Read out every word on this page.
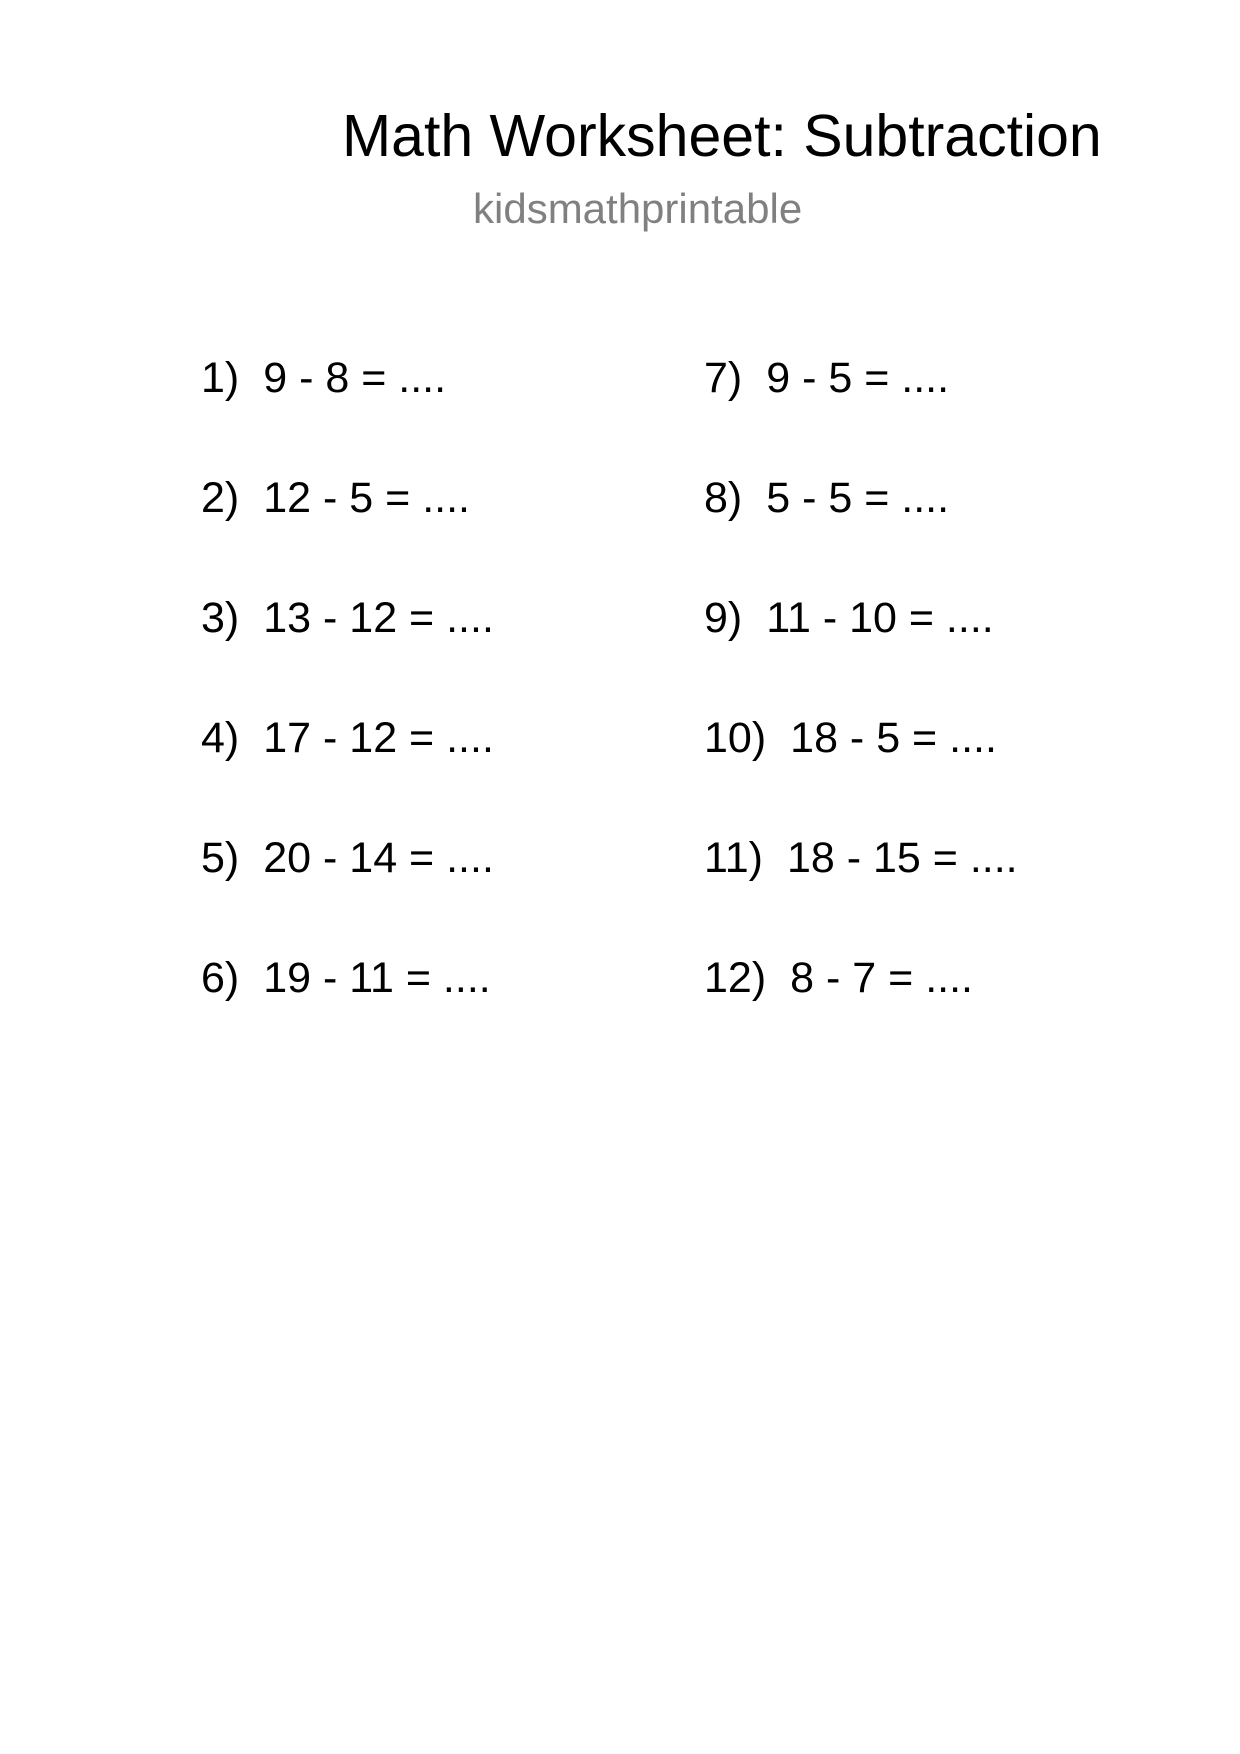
Math Worksheet: Subtraction
kidsmathprintable
1) 9 - 8 = ....
2) 12 - 5 = ....
3) 13 - 12 = ....
4) 17 - 12 = ....
5) 20 - 14 = ....
6) 19 - 11 = ....
7) 9 - 5 = ....
8) 5 - 5 = ....
9) 11 - 10 = ....
10) 18 - 5 = ....
11) 18 - 15 = ....
12) 8 - 7 = ....
